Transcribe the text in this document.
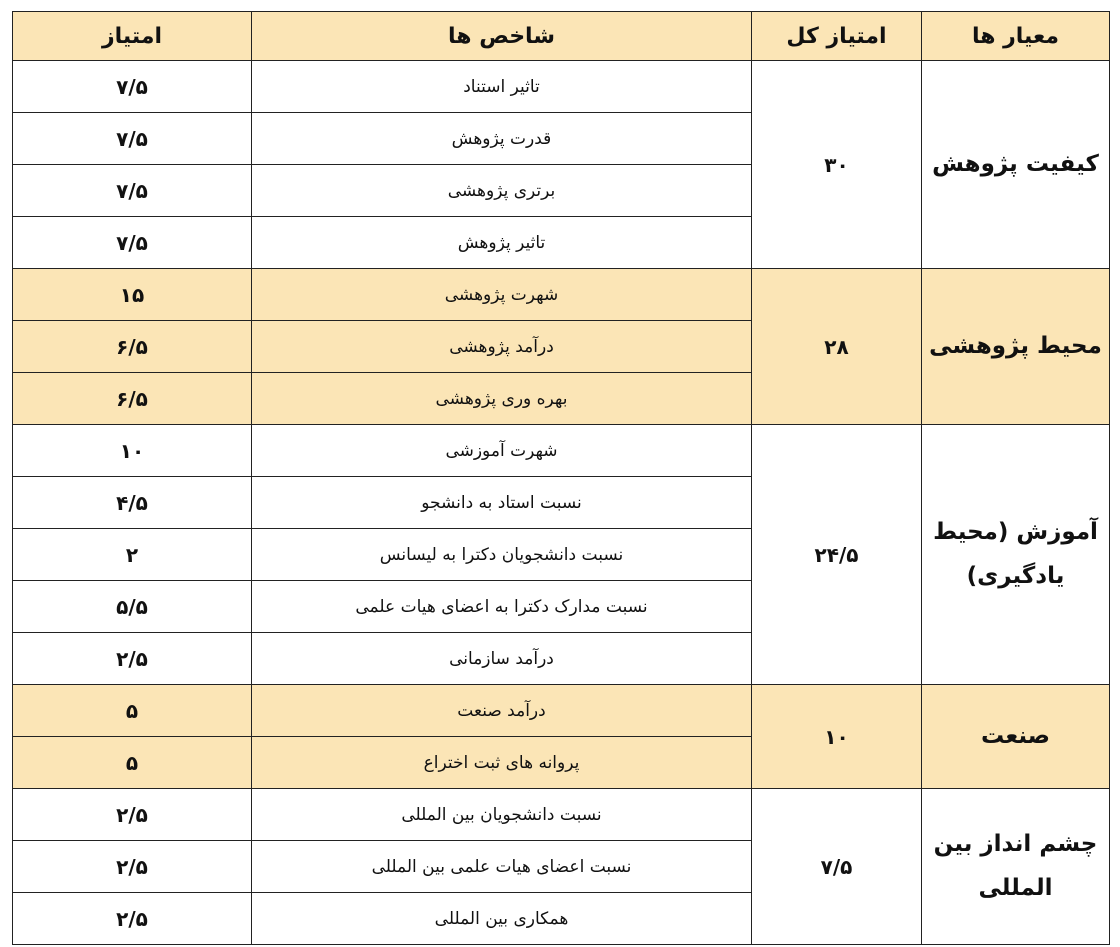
معیار ها	امتیاز کل	شاخص ها	امتیاز
کیفیت پژوهش	۳۰	تاثیر استناد	۷/۵
		قدرت پژوهش	۷/۵
		برتری پژوهشی	۷/۵
		تاثیر پژوهش	۷/۵
محیط پژوهشی	۲۸	شهرت پژوهشی	۱۵
		درآمد پژوهشی	۶/۵
		بهره وری پژوهشی	۶/۵
آموزش (محیط یادگیری)	۲۴/۵	شهرت آموزشی	۱۰
		نسبت استاد به دانشجو	۴/۵
		نسبت دانشجویان دکترا به لیسانس	۲
		نسبت مدارک دکترا به اعضای هیات علمی	۵/۵
		درآمد سازمانی	۲/۵
صنعت	۱۰	درآمد صنعت	۵
		پروانه های ثبت اختراع	۵
چشم انداز بین المللی	۷/۵	نسبت دانشجویان بین المللی	۲/۵
		نسبت اعضای هیات علمی بین المللی	۲/۵
		همکاری بین المللی	۲/۵
